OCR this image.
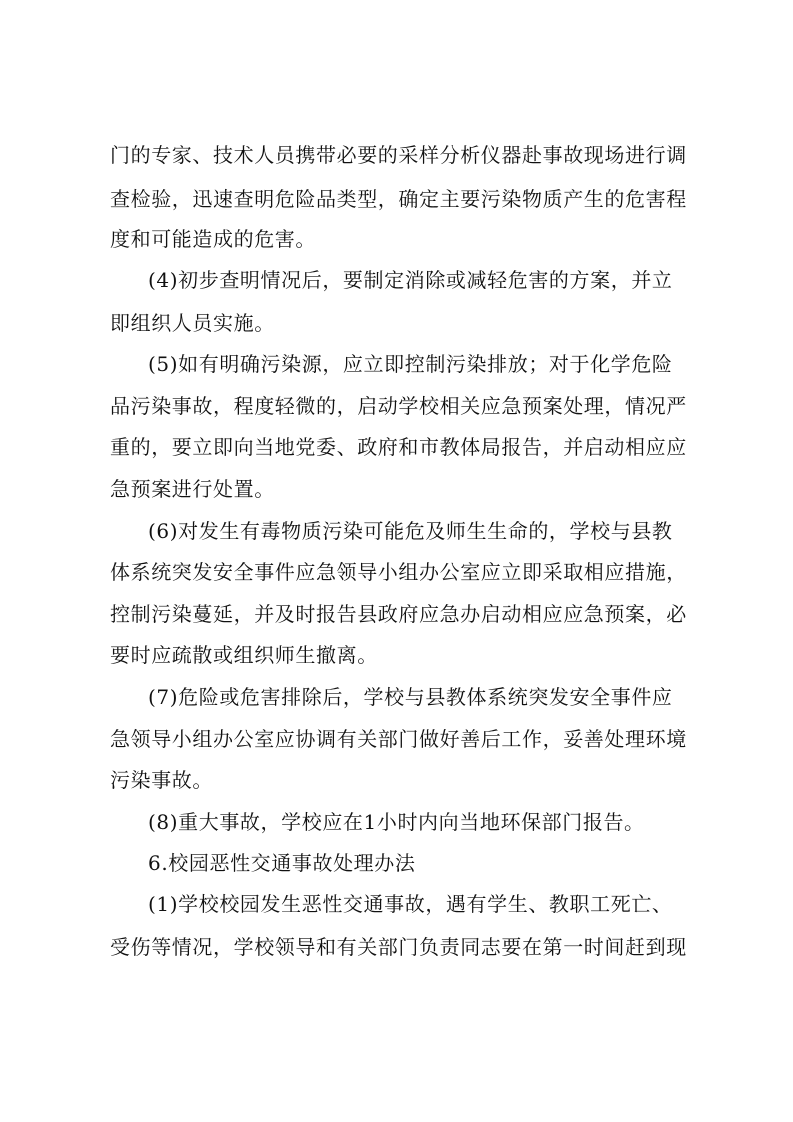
门的专家、技术人员携带必要的采样分析仪器赴事故现场进行调
查检验，迅速查明危险品类型，确定主要污染物质产生的危害程
度和可能造成的危害。
(4)初步查明情况后，要制定消除或减轻危害的方案，并立
即组织人员实施。
(5)如有明确污染源，应立即控制污染排放；对于化学危险
品污染事故，程度轻微的，启动学校相关应急预案处理，情况严
重的，要立即向当地党委、政府和市教体局报告，并启动相应应
急预案进行处置。
(6)对发生有毒物质污染可能危及师生生命的，学校与县教
体系统突发安全事件应急领导小组办公室应立即采取相应措施，
控制污染蔓延，并及时报告县政府应急办启动相应应急预案，必
要时应疏散或组织师生撤离。
(7)危险或危害排除后，学校与县教体系统突发安全事件应
急领导小组办公室应协调有关部门做好善后工作，妥善处理环境
污染事故。
(8)重大事故，学校应在1小时内向当地环保部门报告。
6.校园恶性交通事故处理办法
(1)学校校园发生恶性交通事故，遇有学生、教职工死亡、
受伤等情况，学校领导和有关部门负责同志要在第一时间赶到现
